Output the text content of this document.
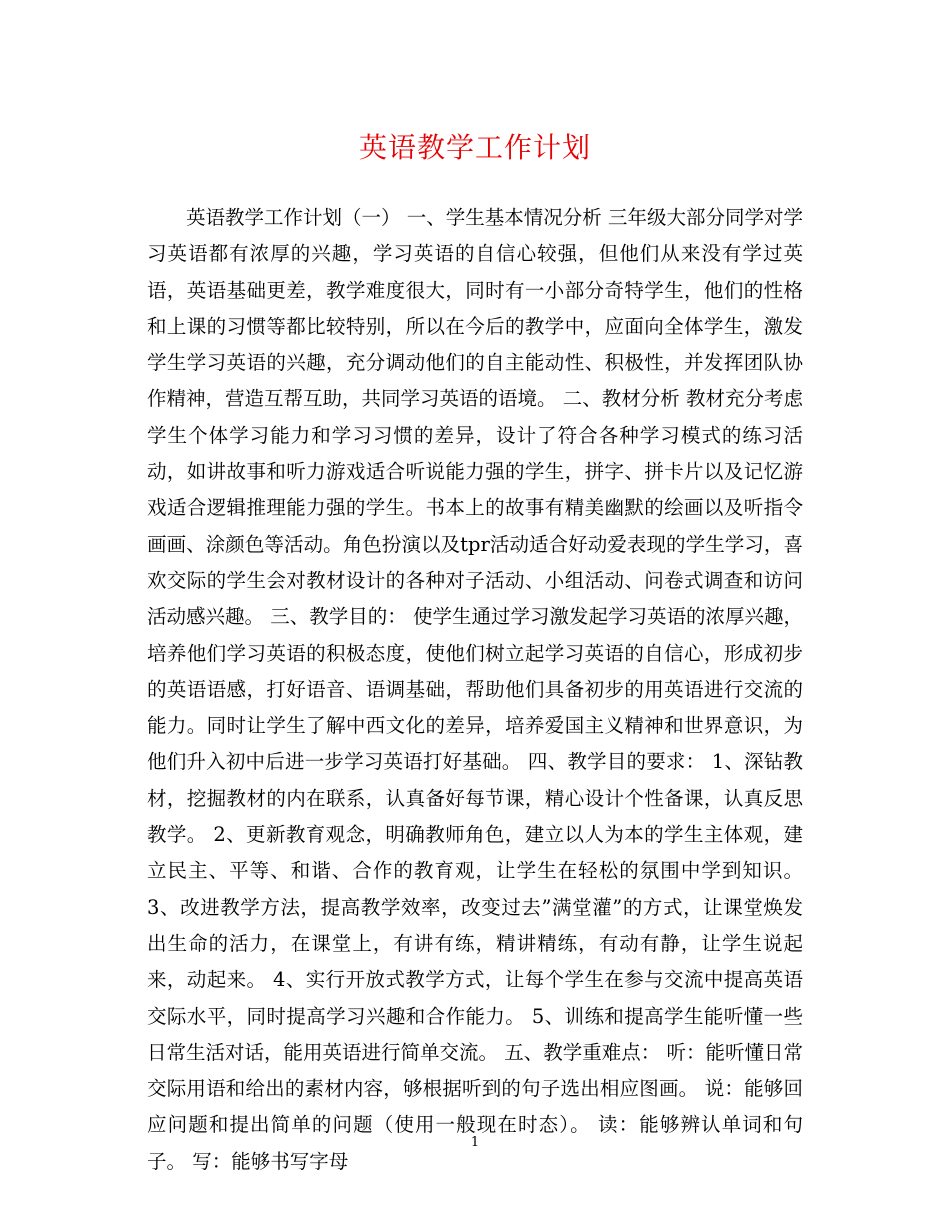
英语教学工作计划

英语教学工作计划（一） 一、学生基本情况分析 三年级大部分同学对学习英语都有浓厚的兴趣，学习英语的自信心较强，但他们从来没有学过英语，英语基础更差，教学难度很大，同时有一小部分奇特学生，他们的性格和上课的习惯等都比较特别，所以在今后的教学中，应面向全体学生，激发学生学习英语的兴趣，充分调动他们的自主能动性、积极性，并发挥团队协作精神，营造互帮互助，共同学习英语的语境。 二、教材分析 教材充分考虑学生个体学习能力和学习习惯的差异，设计了符合各种学习模式的练习活动，如讲故事和听力游戏适合听说能力强的学生，拼字、拼卡片以及记忆游戏适合逻辑推理能力强的学生。书本上的故事有精美幽默的绘画以及听指令画画、涂颜色等活动。角色扮演以及tpr活动适合好动爱表现的学生学习，喜欢交际的学生会对教材设计的各种对子活动、小组活动、问卷式调查和访问活动感兴趣。 三、教学目的： 使学生通过学习激发起学习英语的浓厚兴趣，培养他们学习英语的积极态度，使他们树立起学习英语的自信心，形成初步的英语语感，打好语音、语调基础，帮助他们具备初步的用英语进行交流的能力。同时让学生了解中西文化的差异，培养爱国主义精神和世界意识，为他们升入初中后进一步学习英语打好基础。 四、教学目的要求： 1、深钻教材，挖掘教材的内在联系，认真备好每节课，精心设计个性备课，认真反思教学。 2、更新教育观念，明确教师角色，建立以人为本的学生主体观，建立民主、平等、和谐、合作的教育观，让学生在轻松的氛围中学到知识。 3、改进教学方法，提高教学效率，改变过去”满堂灌”的方式，让课堂焕发出生命的活力，在课堂上，有讲有练，精讲精练，有动有静，让学生说起来，动起来。 4、实行开放式教学方式，让每个学生在参与交流中提高英语交际水平，同时提高学习兴趣和合作能力。 5、训练和提高学生能听懂一些日常生活对话，能用英语进行简单交流。 五、教学重难点： 听：能听懂日常交际用语和给出的素材内容，够根据听到的句子选出相应图画。 说：能够回应问题和提出简单的问题（使用一般现在时态）。 读：能够辨认单词和句子。 写：能够书写字母

1
